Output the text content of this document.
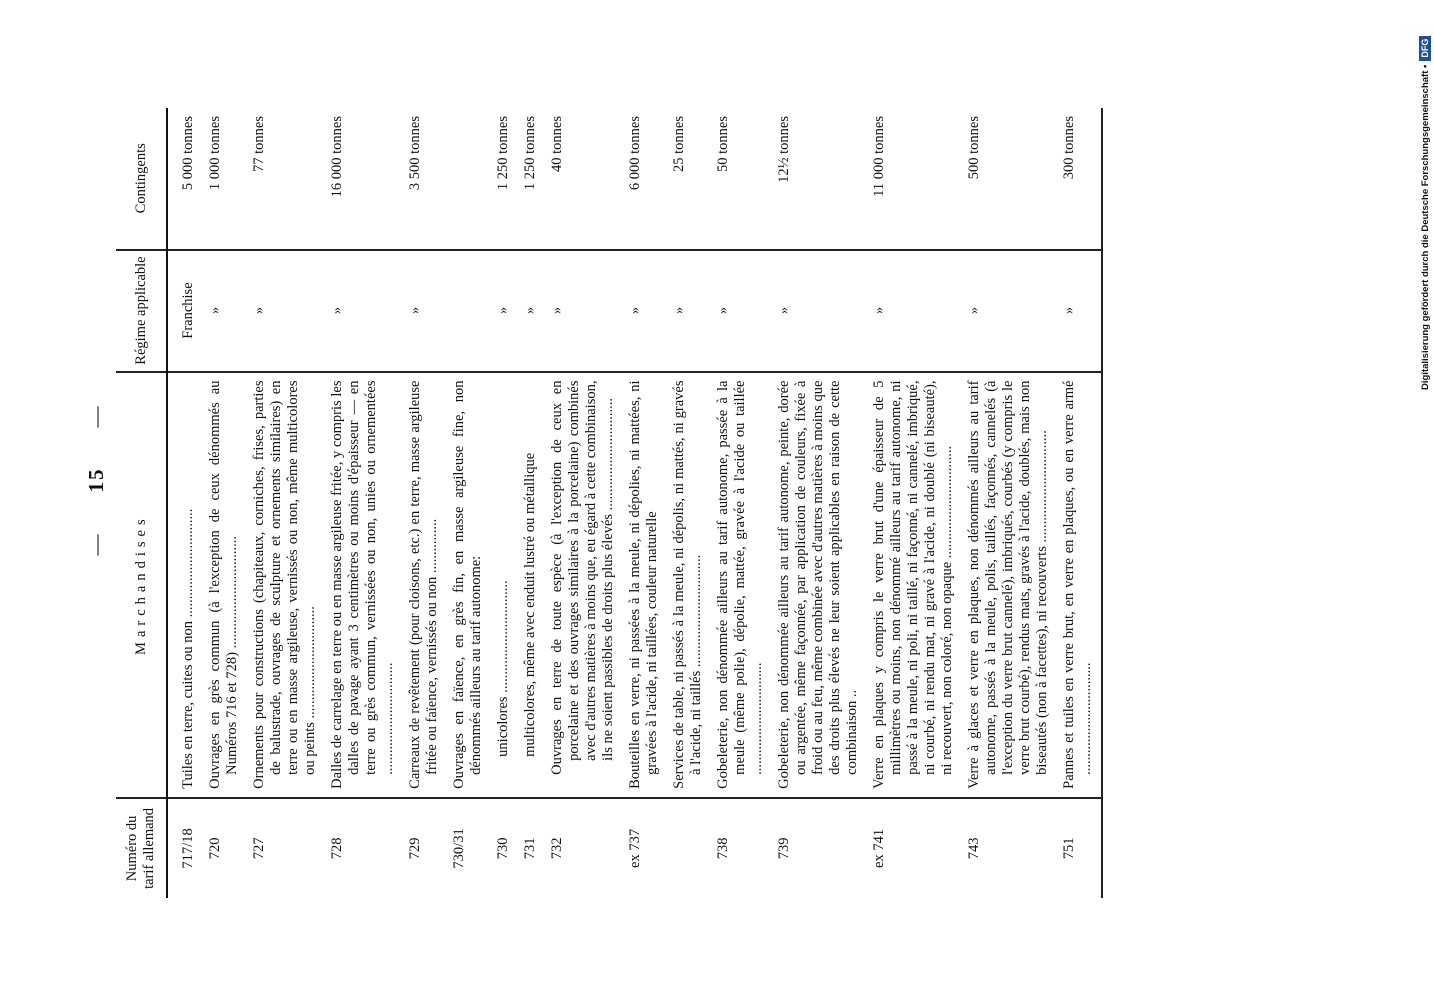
—15—
Numéro du tarif allemand	Marchandises	Régime applicable	Contingents
717/18	Tuiles en terre, cuites ou non ..............................	Franchise	5 000 tonnes
720	Ouvrages en grès commun (à l'exception de ceux dénommés au Numéros 716 et 728) ...............................	»	1 000 tonnes
727	Ornements pour constructions (chapiteaux, corniches, frises, parties de balustrade, ouvrages de sculpture et ornements similaires) en terre ou en masse argileuse, vernissés ou non, même multicolores ou peints ...............................	»	77 tonnes
728	Dalles de carrelage en terre ou en masse argileuse fritée, y compris les dalles de pavage ayant 3 centimètres ou moins d'épaisseur — en terre ou grès commun, vernissées ou non, unies ou ornementées ...............................	»	16 000 tonnes
729	Carreaux de revêtement (pour cloisons, etc.) en terre, masse argileuse fritée ou faïence, vernissés ou non ...............	»	3 500 tonnes
730/31	Ouvrages en faïence, en grès fin, en masse argileuse fine, non dénommés ailleurs au tarif autonome:		

730	unicolores ...............................	»	1 250 tonnes
731	multicolores, même avec enduit lustré ou métallique	»	1 250 tonnes
732	Ouvrages en terre de toute espèce (à l'exception de ceux en porcelaine et des ouvrages similaires à la porcelaine) combinés avec d'autres matières à moins que, eu égard à cette combinaison, ils ne soient passibles de droits plus élevés ...............................	»	40 tonnes
ex 737	Bouteilles en verre, ni passées à la meule, ni dépolies, ni mattées, ni gravées à l'acide, ni taillées, couleur naturelle	»	6 000 tonnes

	Services de table, ni passés à la meule, ni dépolis, ni mattés, ni gravés à l'acide, ni taillés ...............................	»	25 tonnes
738	Gobeleterie, non dénommée ailleurs au tarif autonome, passée à la meule (même polie), dépolie, mattée, gravée à l'acide ou taillée ...............................	»	50 tonnes
739	Gobeleterie, non dénommée ailleurs au tarif autonome, peinte, dorée ou argentée, même façonnée, par application de couleurs, fixée à froid ou au feu, même combinée avec d'autres matières à moins que des droits plus élevés ne leur soient applicables en raison de cette combinaison ..	»	12½ tonnes
ex 741	Verre en plaques y compris le verre brut d'une épaisseur de 5 millimètres ou moins, non dénommé ailleurs au tarif autonome, ni passé à la meule, ni poli, ni taillé, ni façonné, ni cannelé, imbriqué, ni courbé, ni rendu mat, ni gravé à l'acide, ni doublé (ni biseauté), ni recouvert, non coloré, non opaque ...............................	»	11 000 tonnes
743	Verre à glaces et verre en plaques, non dénommés ailleurs au tarif autonome, passés à la meule, polis, taillés, façonnés, cannelés (à l'exception du verre brut cannelé), imbriqués, courbés (y compris le verre brut courbé), rendus mats, gravés à l'acide, doublés, mais non biseautés (non à facettes), ni recouverts ...............................	»	500 tonnes
751	Pannes et tuiles en verre brut, en verre en plaques, ou en verre armé ...............................	»	300 tonnes	Digitalisierung gefördert durch die Deutsche Forschungsgemeinschaft •DFG
